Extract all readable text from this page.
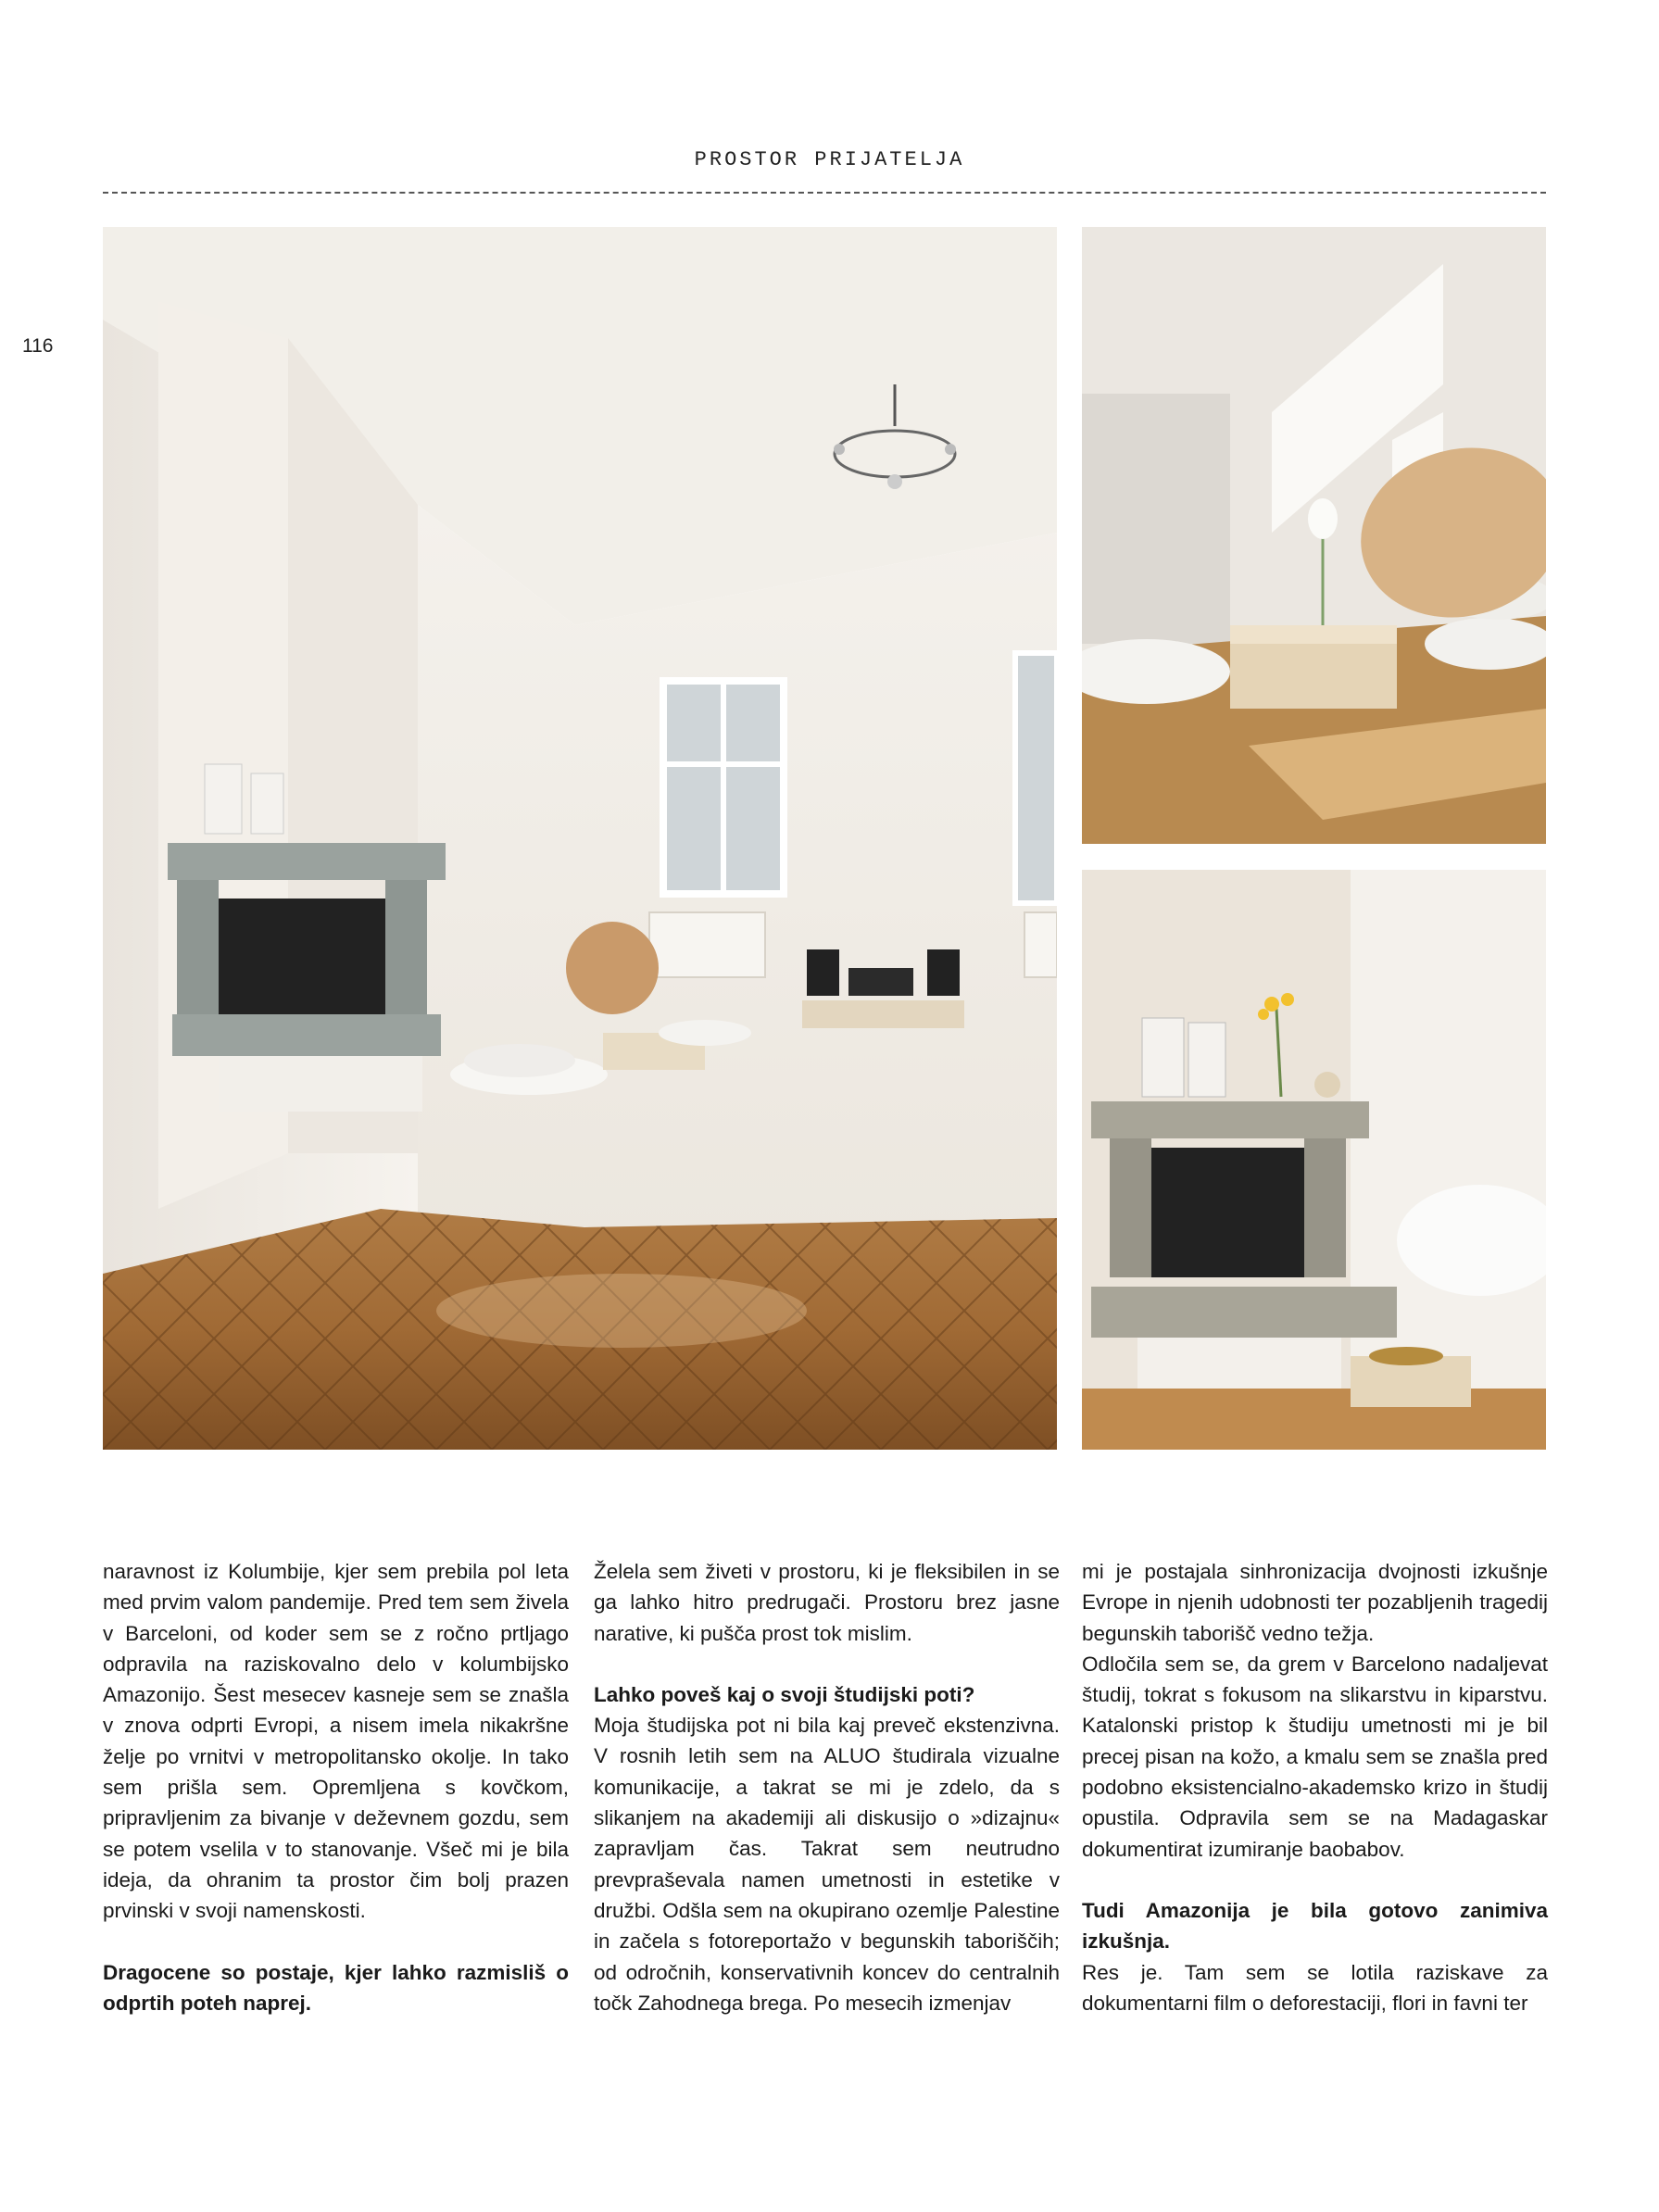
PROSTOR PRIJATELJA
116

naravnost iz Kolumbije, kjer sem prebila pol leta med prvim valom pandemije. Pred tem sem živela v Barceloni, od koder sem se z ročno prtljago odpravila na raziskovalno delo v kolumbijsko Amazonijo. Šest mesecev kasneje sem se znašla v znova odprti Evropi, a nisem imela nikakršne želje po vrnitvi v metropolitansko okolje. In tako sem prišla sem. Opremljena s kovčkom, pripravljenim za bivanje v deževnem gozdu, sem se potem vselila v to stanovanje. Všeč mi je bila ideja, da ohranim ta prostor čim bolj prazen prvinski v svoji namenskosti.

Dragocene so postaje, kjer lahko razmisliš o odprtih poteh naprej.

Želela sem živeti v prostoru, ki je fleksibilen in se ga lahko hitro predrugači. Prostoru brez jasne narative, ki pušča prost tok mislim.

Lahko poveš kaj o svoji študijski poti?

Moja študijska pot ni bila kaj preveč ekstenzivna. V rosnih letih sem na ALUO študirala vizualne komunikacije, a takrat se mi je zdelo, da s slikanjem na akademiji ali diskusijo o »dizajnu« zapravljam čas. Takrat sem neutrudno prevpraševala namen umetnosti in estetike v družbi. Odšla sem na okupirano ozemlje Palestine in začela s fotoreportažo v begunskih taboriščih; od odročnih, konservativnih koncev do centralnih točk Zahodnega brega. Po mesecih izmenjav

mi je postajala sinhronizacija dvojnosti izkušnje Evrope in njenih udobnosti ter pozabljenih tragedij begunskih taborišč vedno težja.

Odločila sem se, da grem v Barcelono nadaljevat študij, tokrat s fokusom na slikarstvu in kiparstvu. Katalonski pristop k študiju umetnosti mi je bil precej pisan na kožo, a kmalu sem se znašla pred podobno eksistencialno-akademsko krizo in študij opustila. Odpravila sem se na Madagaskar dokumentirat izumiranje baobabov.

Tudi Amazonija je bila gotovo zanimiva izkušnja.

Res je. Tam sem se lotila raziskave za dokumentarni film o deforestaciji, flori in favni ter
